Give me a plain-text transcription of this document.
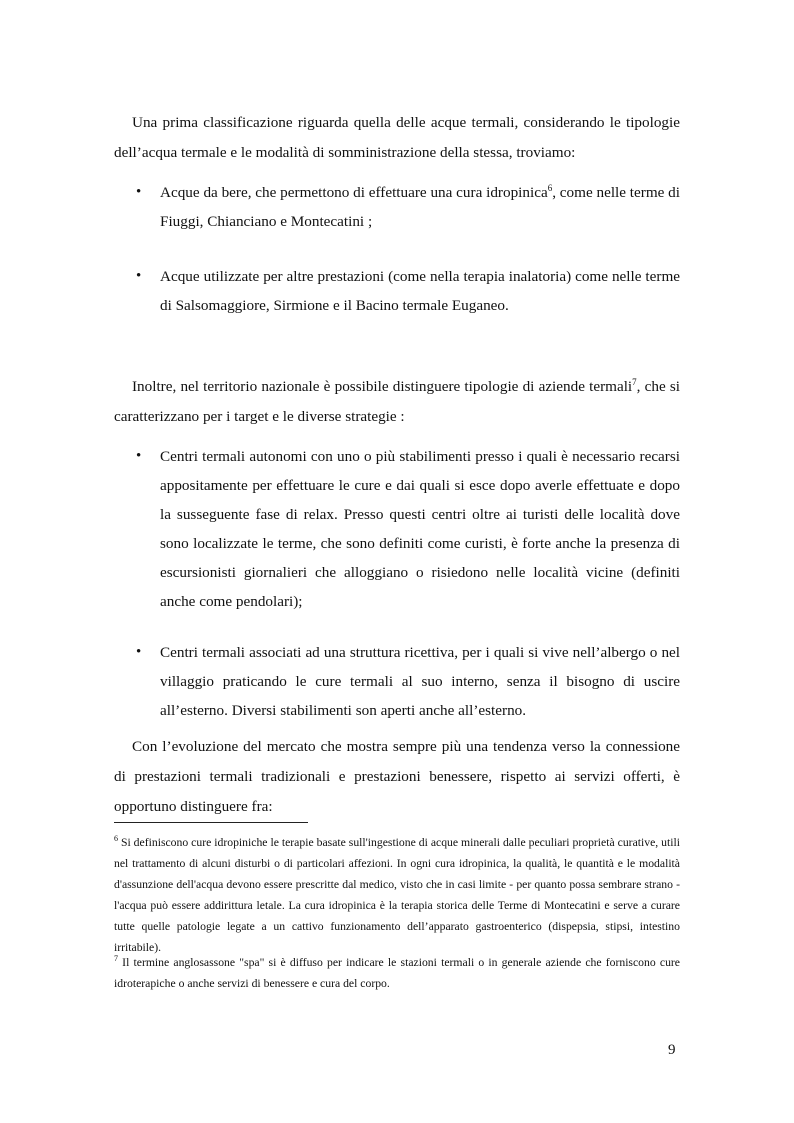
Una prima classificazione riguarda quella delle acque termali, considerando le tipologie dell’acqua termale e le modalità di somministrazione della stessa, troviamo:

• Acque da bere, che permettono di effettuare una cura idropinica$^6$, come nelle terme di Fiuggi, Chianciano e Montecatini ;
• Acque utilizzate per altre prestazioni (come nella terapia inalatoria) come nelle terme di Salsomaggiore, Sirmione e il Bacino termale Euganeo.

Inoltre, nel territorio nazionale è possibile distinguere tipologie di aziende termali$^7$, che si caratterizzano per i target e le diverse strategie :

• Centri termali autonomi con uno o più stabilimenti presso i quali è necessario recarsi appositamente per effettuare le cure e dai quali si esce dopo averle effettuate e dopo la susseguente fase di relax. Presso questi centri oltre ai turisti delle località dove sono localizzate le terme, che sono definiti come curisti, è forte anche la presenza di escursionisti giornalieri che alloggiano o risiedono nelle località vicine (definiti anche come pendolari);
• Centri termali associati ad una struttura ricettiva, per i quali si vive nell’albergo o nel villaggio praticando le cure termali al suo interno, senza il bisogno di uscire all’esterno. Diversi stabilimenti son aperti anche all’esterno.

Con l’evoluzione del mercato che mostra sempre più una tendenza verso la connessione di prestazioni termali tradizionali e prestazioni benessere, rispetto ai servizi offerti, è opportuno distinguere fra:

$^6$ Si definiscono cure idropiniche le terapie basate sull'ingestione di acque minerali dalle peculiari proprietà curative, utili nel trattamento di alcuni disturbi o di particolari affezioni. In ogni cura idropinica, la qualità, le quantità e le modalità d'assunzione dell'acqua devono essere prescritte dal medico, visto che in casi limite - per quanto possa sembrare strano - l'acqua può essere addirittura letale. La cura idropinica è la terapia storica delle Terme di Montecatini e serve a curare tutte quelle patologie legate a un cattivo funzionamento dell’apparato gastroenterico (dispepsia, stipsi, intestino irritabile).
$^7$ Il termine anglosassone "spa" si è diffuso per indicare le stazioni termali o in generale aziende che forniscono cure idroterapiche o anche servizi di benessere e cura del corpo.
9
